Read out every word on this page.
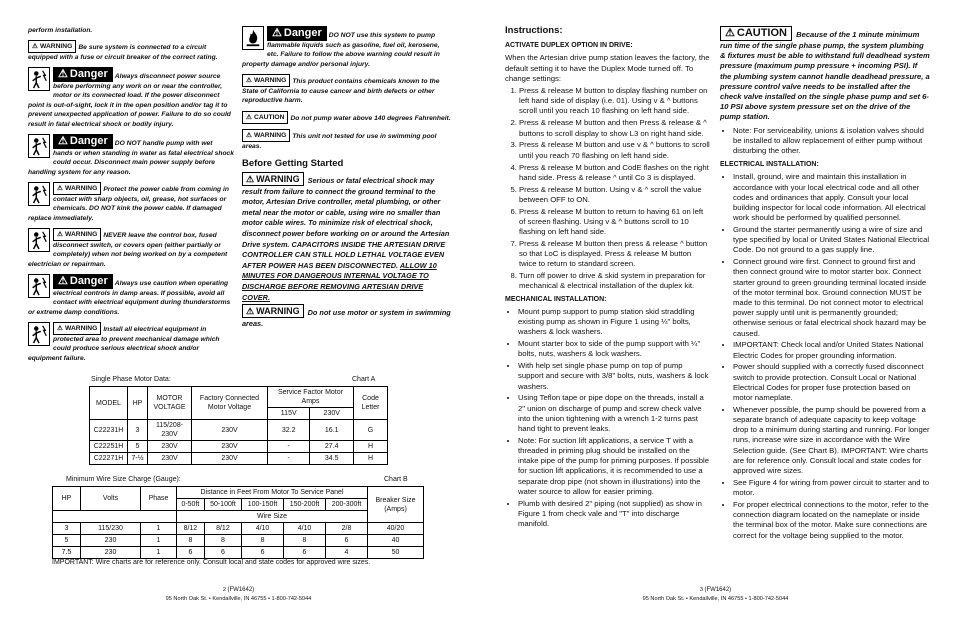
perform installation.
⚠ WARNING Be sure system is connected to a circuit equipped with a fuse or circuit breaker of the correct rating.
⚠ Danger Always disconnect power source before performing any work on or near the controller, motor or its connected load. If the power disconnect point is out-of-sight, lock it in the open position and/or tag it to prevent unexpected application of power. Failure to do so could result in fatal electrical shock or bodily injury.
⚠ Danger DO NOT handle pump with wet hands or when standing in water as fatal electrical shock could occur. Disconnect main power supply before handling system for any reason.
⚠ WARNING Protect the power cable from coming in contact with sharp objects, oil, grease, hot surfaces or chemicals. DO NOT kink the power cable. If damaged replace immediately.
⚠ WARNING NEVER leave the control box, fused disconnect switch, or covers open (either partially or completely) when not being worked on by a competent electrician or repairman.
⚠ Danger Always use caution when operating electrical controls in damp areas. If possible, avoid all contact with electrical equipment during thunderstorms or extreme damp conditions.
⚠ WARNING Install all electrical equipment in protected area to prevent mechanical damage which could produce serious electrical shock and/or equipment failure.
⚠ Danger DO NOT use this system to pump flammable liquids such as gasoline, fuel oil, kerosene, etc. Failure to follow the above warning could result in property damage and/or personal injury.
⚠ WARNING This product contains chemicals known to the State of California to cause cancer and birth defects or other reproductive harm.
⚠ CAUTION Do not pump water above 140 degrees Fahrenheit.
⚠ WARNING This unit not tested for use in swimming pool areas.
Before Getting Started
⚠ WARNING Serious or fatal electrical shock may result from failure to connect the ground terminal to the motor, Artesian Drive controller, metal plumbing, or other metal near the motor or cable, using wire no smaller than motor cable wires. To minimize risk of electrical shock, disconnect power before working on or around the Artesian Drive system. CAPACITORS INSIDE THE ARTESIAN DRIVE CONTROLLER CAN STILL HOLD LETHAL VOLTAGE EVEN AFTER POWER HAS BEEN DISCONNECTED. ALLOW 10 MINUTES FOR DANGEROUS INTERNAL VOLTAGE TO DISCHARGE BEFORE REMOVING ARTESIAN DRIVE COVER.
⚠ WARNING Do not use motor or system in swimming areas.
Single Phase Motor Data:	Chart A
MODEL	HP	MOTOR VOLTAGE	Factory Connected Motor Voltage	Service Factor Motor Amps		Code Letter
				115V	230V	
C22231H	3	115/208-230V	230V	32.2	16.1	G
C22251H	5	230V	230V	-	27.4	H
C22271H	7-½	230V	230V	-	34.5	H
Minimum Wire Size Charge (Gauge):	Chart B
HP	Volts	Phase	Distance in Feet From Motor To Service Panel					Breaker Size (Amps)
			0-50ft	50-100ft	100-150ft	150-200ft	200-300ft	
			Wire Size					
3	115/230	1	8/12	8/12	4/10	4/10	2/8	40/20
5	230	1	8	8	8	8	6	40
7.5	230	1	6	6	6	6	4	50
IMPORTANT: Wire charts are for reference only. Consult local and state codes for approved wire sizes.
2 (FW1642)
95 North Oak St. • Kendallville, IN 46755 • 1-800-742-5044
Instructions:
ACTIVATE DUPLEX OPTION IN DRIVE:

When the Artesian drive pump station leaves the factory, the default setting it to have the Duplex Mode turned off. To change settings:

1. Press & release M button to display flashing number on left hand side of display (i.e. 01). Using v & ^ buttons scroll until you reach 10 flashing on left hand side.
2. Press & release M button and then Press & release & ^ buttons to scroll display to show L3 on right hand side.
3. Press & release M button and use v & ^ buttons to scroll until you reach 70 flashing on left hand side.
4. Press & release M button and CodE flashes on the right hand side. Press & release ^ until Co 3 is displayed.
5. Press & release M button. Using v & ^ scroll the value between OFF to ON.
6. Press & release M button to return to having 61 on left of screen flashing. Using v & ^ buttons scroll to 10 flashing on left hand side.
7. Press & release M button then press & release ^ button so that LoC is displayed. Press & release M button twice to return to standard screen.
8. Turn off power to drive & skid system in preparation for mechanical & electrical installation of the duplex kit.
MECHANICAL INSTALLATION:
• Mount pump support to pump station skid straddling existing pump as shown in Figure 1 using ¼" bolts, washers & lock washers.
• Mount starter box to side of the pump support with ¼" bolts, nuts, washers & lock washers.
• With help set single phase pump on top of pump support and secure with 3/8" bolts, nuts, washers & lock washers.
• Using Teflon tape or pipe dope on the threads, install a 2" union on discharge of pump and screw check valve into the union tightening with a wrench 1-2 turns past hand tight to prevent leaks.
• Note: For suction lift applications, a service T with a threaded in priming plug should be installed on the intake pipe of the pump for priming purposes. If possible for suction lift applications, it is recommended to use a separate drop pipe (not shown in illustrations) into the water source to allow for easier priming.
• Plumb with desired 2" piping (not supplied) as show in Figure 1 from check vale and "T" into discharge manifold.
⚠ CAUTION Because of the 1 minute minimum run time of the single phase pump, the system plumbing & fixtures must be able to withstand full deadhead system pressure (maximum pump pressure + incoming PSI). If the plumbing system cannot handle deadhead pressure, a pressure control valve needs to be installed after the check valve installed on the single phase pump and set 6-10 PSI above system pressure set on the drive of the pump station.
• Note: For serviceability, unions & isolation valves should be installed to allow replacement of either pump without disturbing the other.
ELECTRICAL INSTALLATION:
• Install, ground, wire and maintain this installation in accordance with your local electrical code and all other codes and ordinances that apply. Consult your local building inspector for local code information. All electrical work should be performed by qualified personnel.
• Ground the starter permanently using a wire of size and type specified by local or United States National Electrical Code. Do not ground to a gas supply line.
• Connect ground wire first. Connect to ground first and then connect ground wire to motor starter box. Connect starter ground to green grounding terminal located inside of the motor terminal box. Ground connection MUST be made to this terminal. Do not connect motor to electrical power supply until unit is permanently grounded; otherwise serious or fatal electrical shock hazard may be caused.
• IMPORTANT: Check local and/or United States National Electric Codes for proper grounding information.
• Power should supplied with a correctly fused disconnect switch to provide protection. Consult Local or National Electrical Codes for proper fuse protection based on motor nameplate.
• Whenever possible, the pump should be powered from a separate branch of adequate capacity to keep voltage drop to a minimum during starting and running. For longer runs, increase wire size in accordance with the Wire Selection guide. (See Chart B). IMPORTANT: Wire charts are for reference only. Consult local and state codes for approved wire sizes.
• See Figure 4 for wiring from power circuit to starter and to motor.
• For proper electrical connections to the motor, refer to the connection diagram located on the nameplate or inside the terminal box of the motor. Make sure connections are correct for the voltage being supplied to the motor.
3 (FW1642)
95 North Oak St. • Kendallville, IN 46755 • 1-800-742-5044
